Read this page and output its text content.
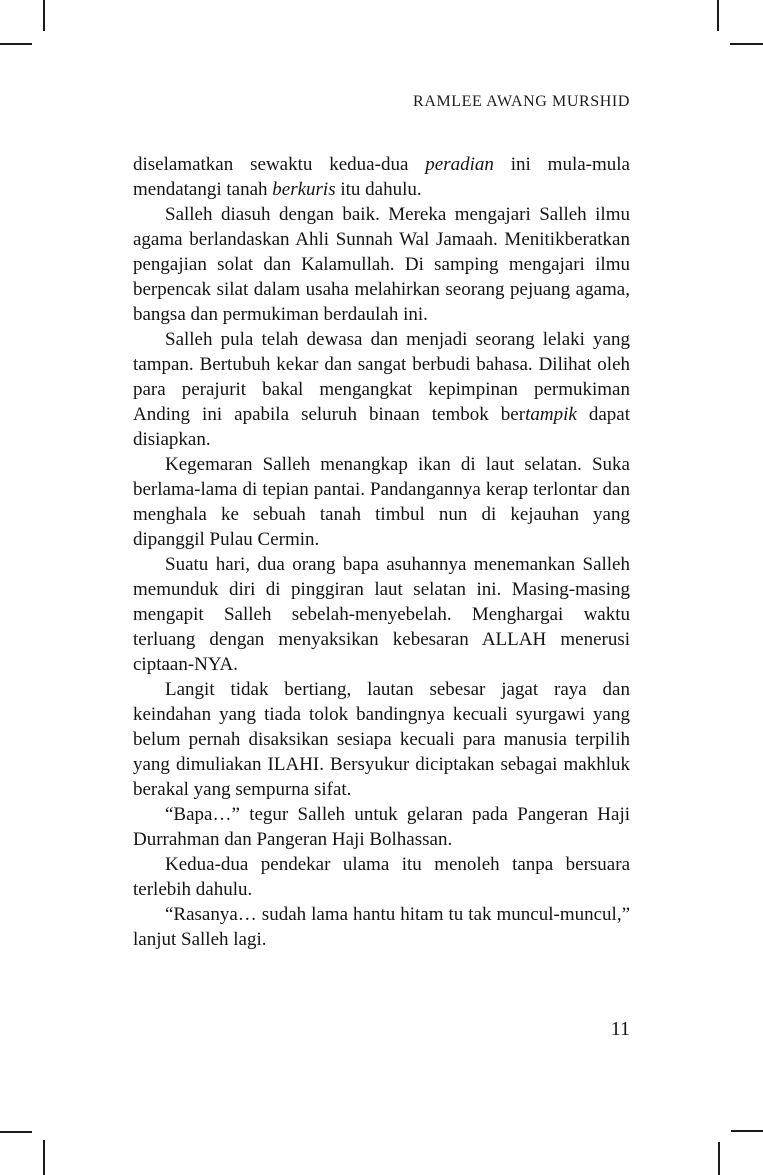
RAMLEE AWANG MURSHID

diselamatkan sewaktu kedua-dua peradian ini mula-mula mendatangi tanah berkuris itu dahulu.

Salleh diasuh dengan baik. Mereka mengajari Salleh ilmu agama berlandaskan Ahli Sunnah Wal Jamaah. Menitikberatkan pengajian solat dan Kalamullah. Di samping mengajari ilmu berpencak silat dalam usaha melahirkan seorang pejuang agama, bangsa dan permukiman berdaulah ini.

Salleh pula telah dewasa dan menjadi seorang lelaki yang tampan. Bertubuh kekar dan sangat berbudi bahasa. Dilihat oleh para perajurit bakal mengangkat kepimpinan permukiman Anding ini apabila seluruh binaan tembok bertampik dapat disiapkan.

Kegemaran Salleh menangkap ikan di laut selatan. Suka berlama-lama di tepian pantai. Pandangannya kerap terlontar dan menghala ke sebuah tanah timbul nun di kejauhan yang dipanggil Pulau Cermin.

Suatu hari, dua orang bapa asuhannya menemankan Salleh memunduk diri di pinggiran laut selatan ini. Masing-masing mengapit Salleh sebelah-menyebelah. Menghargai waktu terluang dengan menyaksikan kebesaran ALLAH menerusi ciptaan-NYA.

Langit tidak bertiang, lautan sebesar jagat raya dan keindahan yang tiada tolok bandingnya kecuali syurgawi yang belum pernah disaksikan sesiapa kecuali para manusia terpilih yang dimuliakan ILAHI. Bersyukur diciptakan sebagai makhluk berakal yang sempurna sifat.

“Bapa…” tegur Salleh untuk gelaran pada Pangeran Haji Durrahman dan Pangeran Haji Bolhassan.

Kedua-dua pendekar ulama itu menoleh tanpa bersuara terlebih dahulu.

“Rasanya… sudah lama hantu hitam tu tak muncul-muncul,” lanjut Salleh lagi.

11
